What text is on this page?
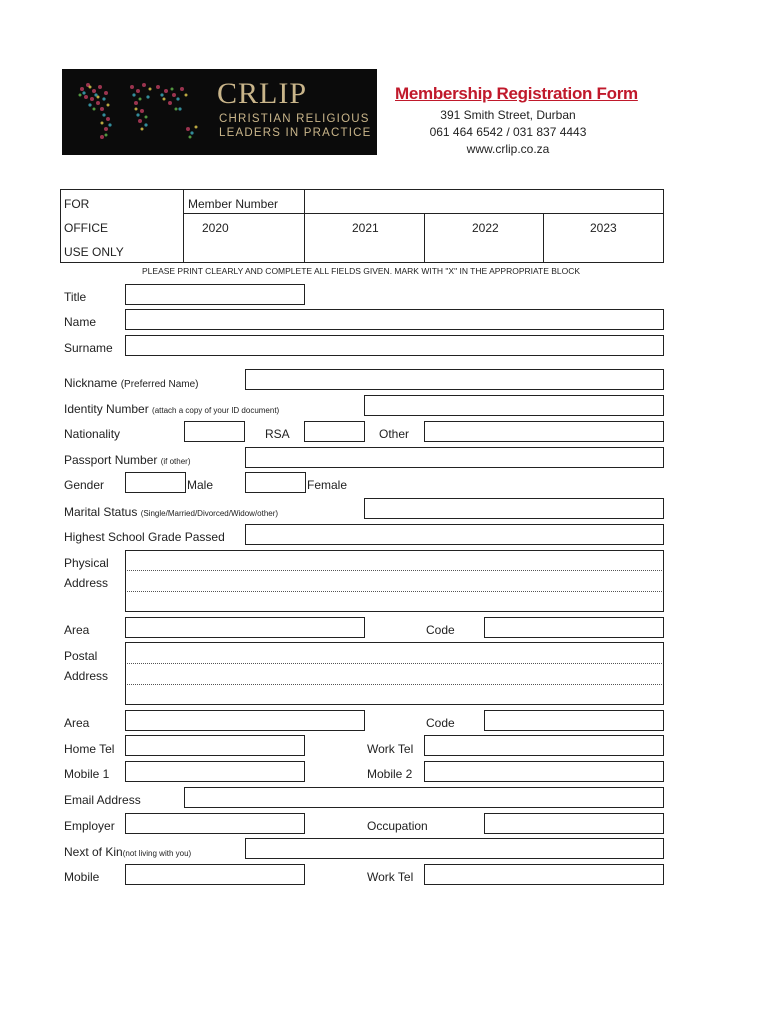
CRLIP
CHRISTIAN RELIGIOUS
LEADERS IN PRACTICE
Membership Registration Form
391 Smith Street, Durban
061 464 6542 / 031 837 4443
www.crlip.co.za
FOR
OFFICE
USE ONLY
Member Number
2020	2021	2022	2023
PLEASE PRINT CLEARLY AND COMPLETE ALL FIELDS GIVEN. MARK WITH "X" IN THE APPROPRIATE BLOCK
Title
Name
Surname
Nickname (Preferred Name)
Identity Number (attach a copy of your ID document)
Nationality	RSA	Other
Passport Number (if other)
Gender	Male	Female
Marital Status (Single/Married/Divorced/Widow/other)
Highest School Grade Passed
Physical
Address
Area	Code
Postal
Address
Area	Code
Home Tel	Work Tel
Mobile 1	Mobile 2
Email Address
Employer	Occupation
Next of Kin(not living with you)
Mobile	Work Tel
